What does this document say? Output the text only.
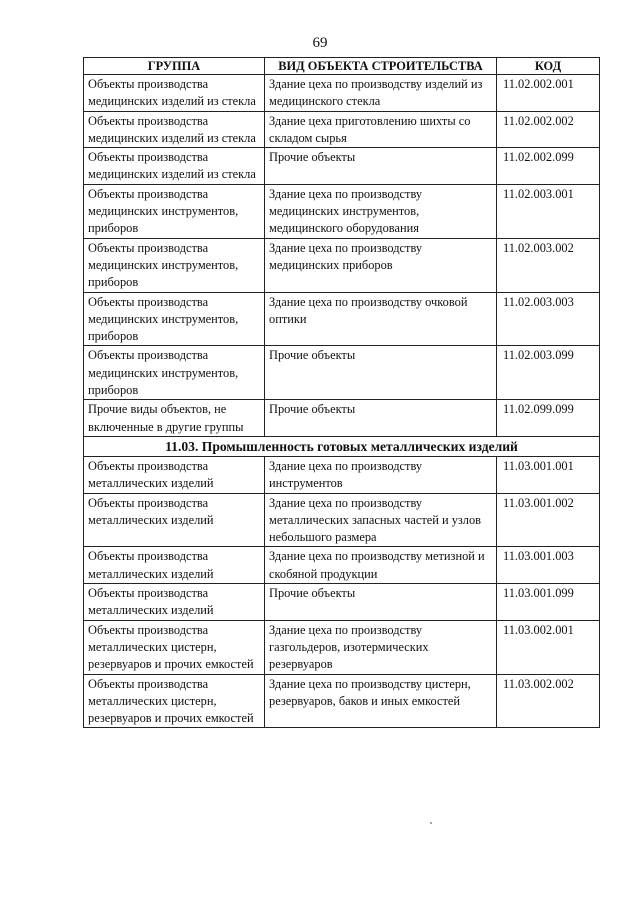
69
ГРУППА	ВИД ОБЪЕКТА СТРОИТЕЛЬСТВА	КОД
Объекты производства медицинских изделий из стекла	Здание цеха по производству изделий из медицинского стекла	11.02.002.001
Объекты производства медицинских изделий из стекла	Здание цеха приготовлению шихты со складом сырья	11.02.002.002
Объекты производства медицинских изделий из стекла	Прочие объекты	11.02.002.099
Объекты производства медицинских инструментов, приборов	Здание цеха по производству медицинских инструментов, медицинского оборудования	11.02.003.001
Объекты производства медицинских инструментов, приборов	Здание цеха по производству медицинских приборов	11.02.003.002
Объекты производства медицинских инструментов, приборов	Здание цеха по производству очковой оптики	11.02.003.003
Объекты производства медицинских инструментов, приборов	Прочие объекты	11.02.003.099
Прочие виды объектов, не включенные в другие группы	Прочие объекты	11.02.099.099
11.03. Промышленность готовых металлических изделий		
Объекты производства металлических изделий	Здание цеха по производству инструментов	11.03.001.001
Объекты производства металлических изделий	Здание цеха по производству металлических запасных частей и узлов небольшого размера	11.03.001.002
Объекты производства металлических изделий	Здание цеха по производству метизной и скобяной продукции	11.03.001.003
Объекты производства металлических изделий	Прочие объекты	11.03.001.099
Объекты производства металлических цистерн, резервуаров и прочих емкостей	Здание цеха по производству газгольдеров, изотермических резервуаров	11.03.002.001
Объекты производства металлических цистерн, резервуаров и прочих емкостей	Здание цеха по производству цистерн, резервуаров, баков и иных емкостей	11.03.002.002
